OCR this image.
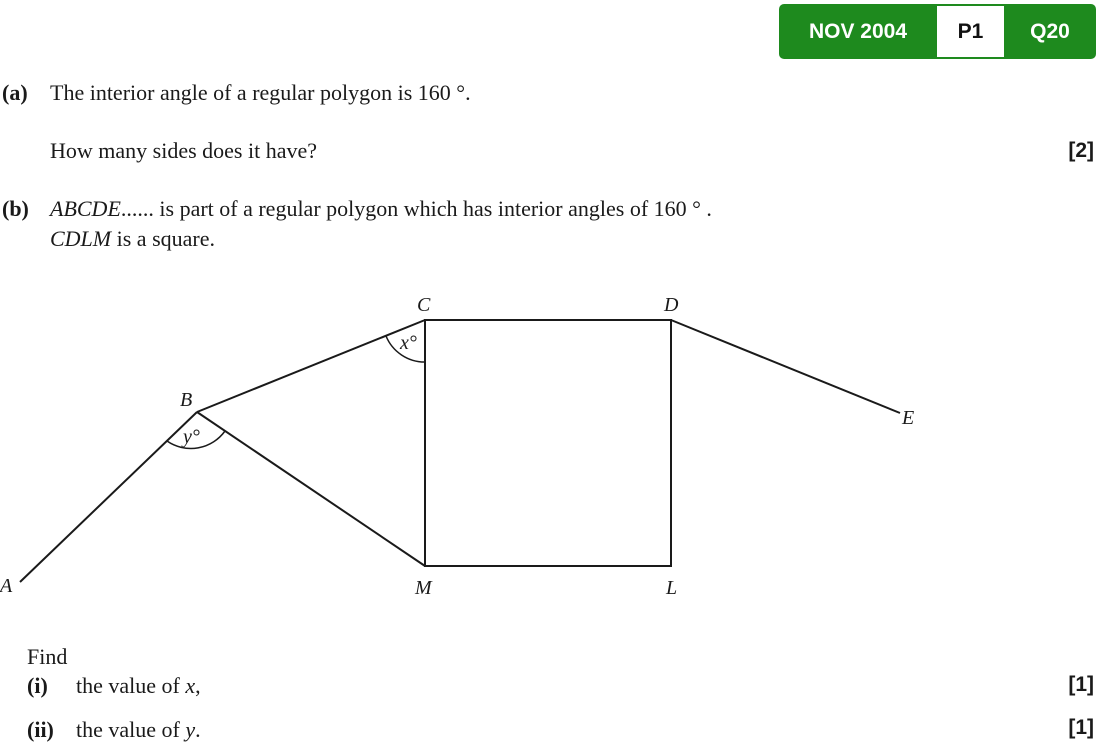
NOV 2004	P1	Q20
(a) The interior angle of a regular polygon is 160 °.
How many sides does it have?	[2]
(b) ABCDE...... is part of a regular polygon which has interior angles of 160 ° .
CDLM is a square.
A
B
C	D
E
M	L
x°
y°
Find
(i) the value of x,	[1]
(ii) the value of y.	[1]
